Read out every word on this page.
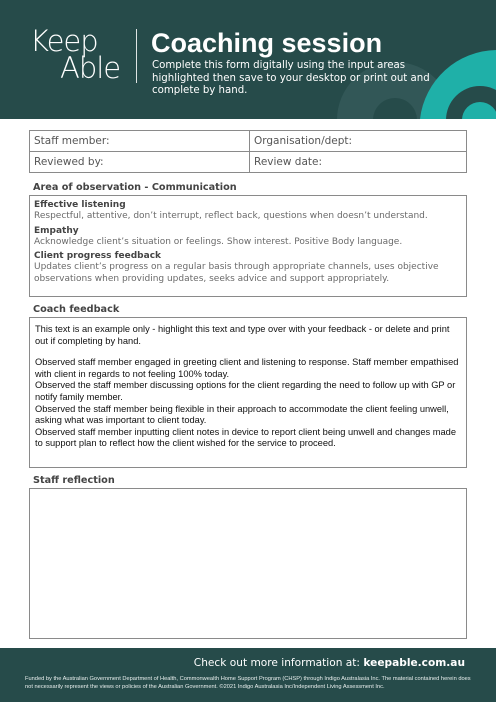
Keep
Able
Coaching session
Complete this form digitally using the input areas highlighted then save to your desktop or print out and complete by hand.
Staff member:	Organisation/dept:
Reviewed by:	Review date:
Area of observation - Communication
Effective listening
Respectful, attentive, don’t interrupt, reflect back, questions when doesn’t understand.
Empathy
Acknowledge client’s situation or feelings. Show interest. Positive Body language.
Client progress feedback
Updates client’s progress on a regular basis through appropriate channels, uses objective observations when providing updates, seeks advice and support appropriately.
Coach feedback

This text is an example only - highlight this text and type over with your feedback - or delete and print out if completing by hand.

Observed staff member engaged in greeting client and listening to response. Staff member empathised with client in regards to not feeling 100% today.

Observed the staff member discussing options for the client regarding the need to follow up with GP or notify family member.

Observed the staff member being flexible in their approach to accommodate the client feeling unwell, asking what was important to client today.

Observed staff member inputting client notes in device to report client being unwell and changes made to support plan to reflect how the client wished for the service to proceed.

Staff reflection
Check out more information at: keepable.com.au
Funded by the Australian Government Department of Health, Commonwealth Home Support Program (CHSP) through Indigo Australasia Inc. The material contained herein does not necessarily represent the views or policies of the Australian Government. ©2021 Indigo Australasia Inc/Independent Living Assessment Inc.
